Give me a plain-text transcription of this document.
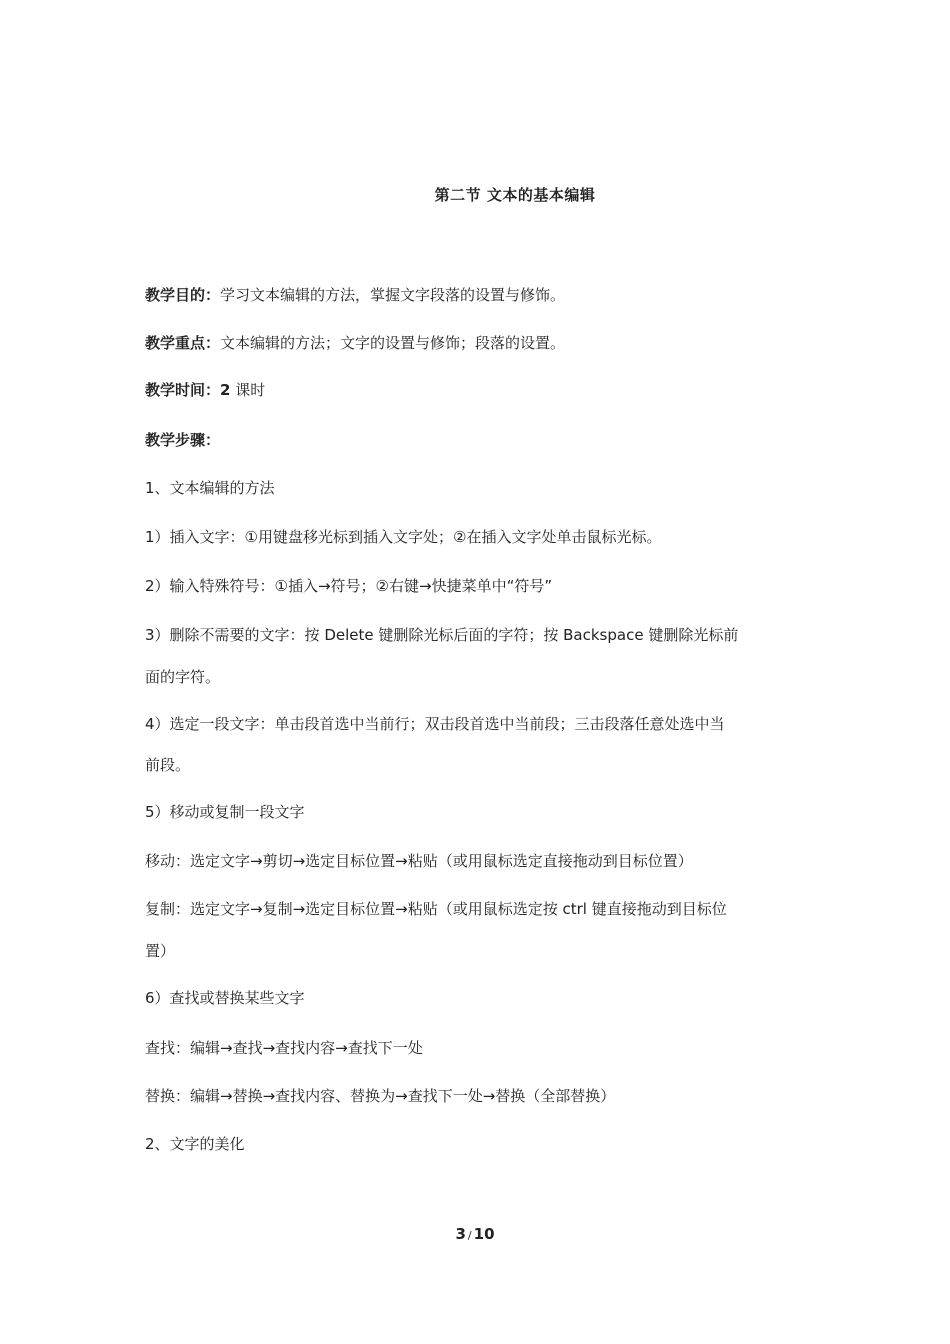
第二节 文本的基本编辑
教学目的：学习文本编辑的方法，掌握文字段落的设置与修饰。
教学重点：文本编辑的方法；文字的设置与修饰；段落的设置。
教学时间：2 课时
教学步骤：
1、文本编辑的方法
1）插入文字：①用键盘移光标到插入文字处；②在插入文字处单击鼠标光标。
2）输入特殊符号：①插入→符号；②右键→快捷菜单中“符号”
3）删除不需要的文字：按 Delete 键删除光标后面的字符；按 Backspace 键删除光标前
面的字符。
4）选定一段文字：单击段首选中当前行；双击段首选中当前段；三击段落任意处选中当
前段。
5）移动或复制一段文字
移动：选定文字→剪切→选定目标位置→粘贴（或用鼠标选定直接拖动到目标位置）
复制：选定文字→复制→选定目标位置→粘贴（或用鼠标选定按 ctrl 键直接拖动到目标位
置）
6）查找或替换某些文字
查找：编辑→查找→查找内容→查找下一处
替换：编辑→替换→查找内容、替换为→查找下一处→替换（全部替换）
2、文字的美化
3 / 10
